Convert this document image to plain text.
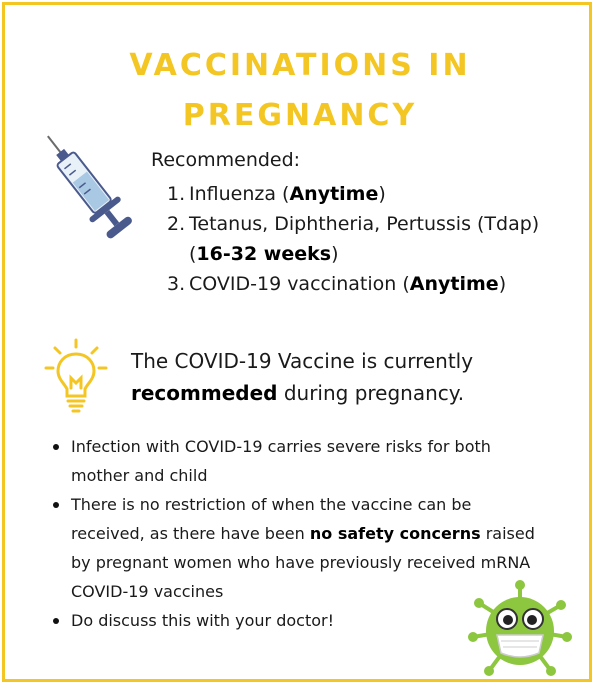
VACCINATIONS IN
PREGNANCY
Recommended:
1. Influenza (Anytime)
2. Tetanus, Diphtheria, Pertussis (Tdap)
( 16-32 weeks )
3. COVID-19 vaccination (Anytime)
The COVID-19 Vaccine is currently
recommeded during pregnancy.
Infection with COVID-19 carries severe risks for both mother and child
There is no restriction of when the vaccine can be received, as there have been no safety concerns raised by pregnant women who have previously received mRNA COVID-19 vaccines
Do discuss this with your doctor!
